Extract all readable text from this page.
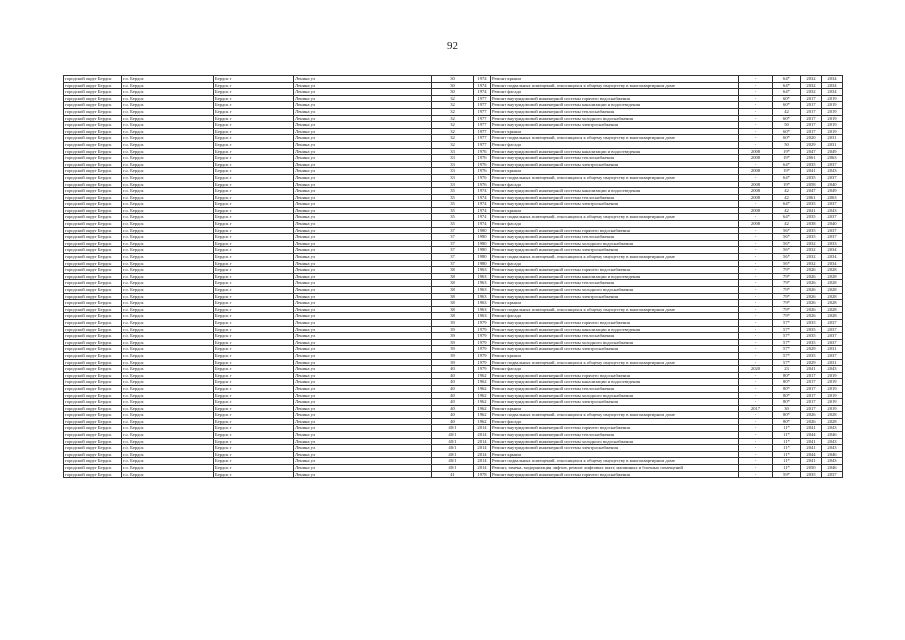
92
городской округ Бердск	г.о. Бердск	Бердск г	Ленина ул	30	1974	Ремонт крыши	-	64*	2032	2034
городской округ Бердск	г.о. Бердск	Бердск г	Ленина ул	30	1974	Ремонт подвальных помещений, относящихся к общему имуществу в многоквартирном доме	-	64*	2032	2034
городской округ Бердск	г.о. Бердск	Бердск г	Ленина ул	30	1974	Ремонт фасада	-	64*	2032	2034
городской округ Бердск	г.о. Бердск	Бердск г	Ленина ул	32	1977	Ремонт внутридомовой инженерной системы горячего водоснабжения	-	60*	2017	2019
городской округ Бердск	г.о. Бердск	Бердск г	Ленина ул	32	1977	Ремонт внутридомовой инженерной системы канализации и водоотведения	-	60*	2017	2019
городской округ Бердск	г.о. Бердск	Бердск г	Ленина ул	32	1977	Ремонт внутридомовой инженерной системы теплоснабжения	-	42	2017	2019
городской округ Бердск	г.о. Бердск	Бердск г	Ленина ул	32	1977	Ремонт внутридомовой инженерной системы холодного водоснабжения	-	60*	2017	2019
городской округ Бердск	г.о. Бердск	Бердск г	Ленина ул	32	1977	Ремонт внутридомовой инженерной системы электроснабжения	-	50	2017	2019
городской округ Бердск	г.о. Бердск	Бердск г	Ленина ул	32	1977	Ремонт крыши	-	60*	2017	2019
городской округ Бердск	г.о. Бердск	Бердск г	Ленина ул	32	1977	Ремонт подвальных помещений, относящихся к общему имуществу в многоквартирном доме	-	60*	2020	2031
городской округ Бердск	г.о. Бердск	Бердск г	Ленина ул	32	1977	Ремонт фасада	-	50	2029	2031
городской округ Бердск	г.о. Бердск	Бердск г	Ленина ул	33	1976	Ремонт внутридомовой инженерной системы канализации и водоотведения	2008	19*	2047	2049
городской округ Бердск	г.о. Бердск	Бердск г	Ленина ул	33	1976	Ремонт внутридомовой инженерной системы теплоснабжения	2008	19*	2061	2063
городской округ Бердск	г.о. Бердск	Бердск г	Ленина ул	33	1976	Ремонт внутридомовой инженерной системы электроснабжения	-	64*	2035	2037
городской округ Бердск	г.о. Бердск	Бердск г	Ленина ул	33	1976	Ремонт крыши	2008	19*	2041	2043
городской округ Бердск	г.о. Бердск	Бердск г	Ленина ул	33	1976	Ремонт подвальных помещений, относящихся к общему имуществу в многоквартирном доме	-	64*	2035	2037
городской округ Бердск	г.о. Бердск	Бердск г	Ленина ул	33	1976	Ремонт фасада	2008	19*	2058	2040
городской округ Бердск	г.о. Бердск	Бердск г	Ленина ул	35	1974	Ремонт внутридомовой инженерной системы канализации и водоотведения	2008	42	2047	2049
городской округ Бердск	г.о. Бердск	Бердск г	Ленина ул	35	1974	Ремонт внутридомовой инженерной системы теплоснабжения	2008	42	2061	2063
городской округ Бердск	г.о. Бердск	Бердск г	Ленина ул	35	1974	Ремонт внутридомовой инженерной системы электроснабжения	-	64*	2035	2037
городской округ Бердск	г.о. Бердск	Бердск г	Ленина ул	35	1974	Ремонт крыши	2008	42	2041	2043
городской округ Бердск	г.о. Бердск	Бердск г	Ленина ул	35	1974	Ремонт подвальных помещений, относящихся к общему имуществу в многоквартирном доме	-	64*	2035	2037
городской округ Бердск	г.о. Бердск	Бердск г	Ленина ул	35	1974	Ремонт фасада	2008	42	2038	2040
городской округ Бердск	г.о. Бердск	Бердск г	Ленина ул	37	1980	Ремонт внутридомовой инженерной системы горячего водоснабжения	-	56*	2035	2037
городской округ Бердск	г.о. Бердск	Бердск г	Ленина ул	37	1980	Ремонт внутридомовой инженерной системы теплоснабжения	-	56*	2035	2037
городской округ Бердск	г.о. Бердск	Бердск г	Ленина ул	37	1980	Ремонт внутридомовой инженерной системы холодного водоснабжения	-	56*	2032	2033
городской округ Бердск	г.о. Бердск	Бердск г	Ленина ул	37	1980	Ремонт внутридомовой инженерной системы электроснабжения	-	56*	2032	2034
городской округ Бердск	г.о. Бердск	Бердск г	Ленина ул	37	1980	Ремонт подвальных помещений, относящихся к общему имуществу в многоквартирном доме	-	56*	2032	2034
городской округ Бердск	г.о. Бердск	Бердск г	Ленина ул	37	1980	Ремонт фасада	-	56*	2032	2034
городской округ Бердск	г.о. Бердск	Бердск г	Ленина ул	38	1963	Ремонт внутридомовой инженерной системы горячего водоснабжения	-	79*	2026	2028
городской округ Бердск	г.о. Бердск	Бердск г	Ленина ул	38	1963	Ремонт внутридомовой инженерной системы канализации и водоотведения	-	79*	2026	2028
городской округ Бердск	г.о. Бердск	Бердск г	Ленина ул	38	1963	Ремонт внутридомовой инженерной системы теплоснабжения	-	79*	2026	2028
городской округ Бердск	г.о. Бердск	Бердск г	Ленина ул	38	1963	Ремонт внутридомовой инженерной системы холодного водоснабжения	-	79*	2026	2028
городской округ Бердск	г.о. Бердск	Бердск г	Ленина ул	38	1963	Ремонт внутридомовой инженерной системы электроснабжения	-	79*	2026	2028
городской округ Бердск	г.о. Бердск	Бердск г	Ленина ул	38	1963	Ремонт крыши	-	79*	2026	2028
городской округ Бердск	г.о. Бердск	Бердск г	Ленина ул	38	1963	Ремонт подвальных помещений, относящихся к общему имуществу в многоквартирном доме	-	79*	2026	2028
городской округ Бердск	г.о. Бердск	Бердск г	Ленина ул	38	1963	Ремонт фасада	-	79*	2026	2028
городской округ Бердск	г.о. Бердск	Бердск г	Ленина ул	39	1979	Ремонт внутридомовой инженерной системы горячего водоснабжения	-	57*	2035	2037
городской округ Бердск	г.о. Бердск	Бердск г	Ленина ул	39	1979	Ремонт внутридомовой инженерной системы канализации и водоотведения	-	57*	2035	2037
городской округ Бердск	г.о. Бердск	Бердск г	Ленина ул	39	1979	Ремонт внутридомовой инженерной системы теплоснабжения	-	57*	2035	2037
городской округ Бердск	г.о. Бердск	Бердск г	Ленина ул	39	1979	Ремонт внутридомовой инженерной системы холодного водоснабжения	-	57*	2035	2037
городской округ Бердск	г.о. Бердск	Бердск г	Ленина ул	39	1979	Ремонт внутридомовой инженерной системы электроснабжения	-	57*	2029	2031
городской округ Бердск	г.о. Бердск	Бердск г	Ленина ул	39	1979	Ремонт крыши	-	57*	2035	2037
городской округ Бердск	г.о. Бердск	Бердск г	Ленина ул	39	1979	Ремонт подвальных помещений, относящихся к общему имуществу в многоквартирном доме	-	57*	2029	2031
городской округ Бердск	г.о. Бердск	Бердск г	Ленина ул	40	1979	Ремонт фасада	2020	23	2041	2043
городской округ Бердск	г.о. Бердск	Бердск г	Ленина ул	40	1962	Ремонт внутридомовой инженерной системы горячего водоснабжения	-	80*	2017	2019
городской округ Бердск	г.о. Бердск	Бердск г	Ленина ул	40	1962	Ремонт внутридомовой инженерной системы канализации и водоотведения	-	80*	2017	2019
городской округ Бердск	г.о. Бердск	Бердск г	Ленина ул	40	1962	Ремонт внутридомовой инженерной системы теплоснабжения	-	80*	2017	2019
городской округ Бердск	г.о. Бердск	Бердск г	Ленина ул	40	1962	Ремонт внутридомовой инженерной системы холодного водоснабжения	-	80*	2017	2019
городской округ Бердск	г.о. Бердск	Бердск г	Ленина ул	40	1962	Ремонт внутридомовой инженерной системы электроснабжения	-	80*	2017	2019
городской округ Бердск	г.о. Бердск	Бердск г	Ленина ул	40	1962	Ремонт крыши	2017	30	2017	2019
городской округ Бердск	г.о. Бердск	Бердск г	Ленина ул	40	1962	Ремонт подвальных помещений, относящихся к общему имуществу в многоквартирном доме	-	80*	2026	2028
городской округ Бердск	г.о. Бердск	Бердск г	Ленина ул	40	1962	Ремонт фасада	-	80*	2026	2028
городской округ Бердск	г.о. Бердск	Бердск г	Ленина ул	40/1	2014	Ремонт внутридомовой инженерной системы горячего водоснабжения	-	11*	2041	2043
городской округ Бердск	г.о. Бердск	Бердск г	Ленина ул	40/1	2014	Ремонт внутридомовой инженерной системы теплоснабжения	-	11*	2044	2046
городской округ Бердск	г.о. Бердск	Бердск г	Ленина ул	40/1	2014	Ремонт внутридомовой инженерной системы холодного водоснабжения	-	11*	2041	2043
городской округ Бердск	г.о. Бердск	Бердск г	Ленина ул	40/1	2014	Ремонт внутридомовой инженерной системы электроснабжения	-	11*	2041	2043
городской округ Бердск	г.о. Бердск	Бердск г	Ленина ул	40/1	2014	Ремонт крыши	-	11*	2044	2046
городской округ Бердск	г.о. Бердск	Бердск г	Ленина ул	40/1	2014	Ремонт подвальных помещений, относящихся к общему имуществу в многоквартирном доме	-	11*	2041	2043
городской округ Бердск	г.о. Бердск	Бердск г	Ленина ул	40/1	2014	Ремонт, замена, модернизация лифтов, ремонт лифтовых шахт, машинных и блочных помещений	-	11*	2050	2046
городской округ Бердск	г.о. Бердск	Бердск г	Ленина ул	41	1978	Ремонт внутридомовой инженерной системы горячего водоснабжения	-	59*	2035	2037
